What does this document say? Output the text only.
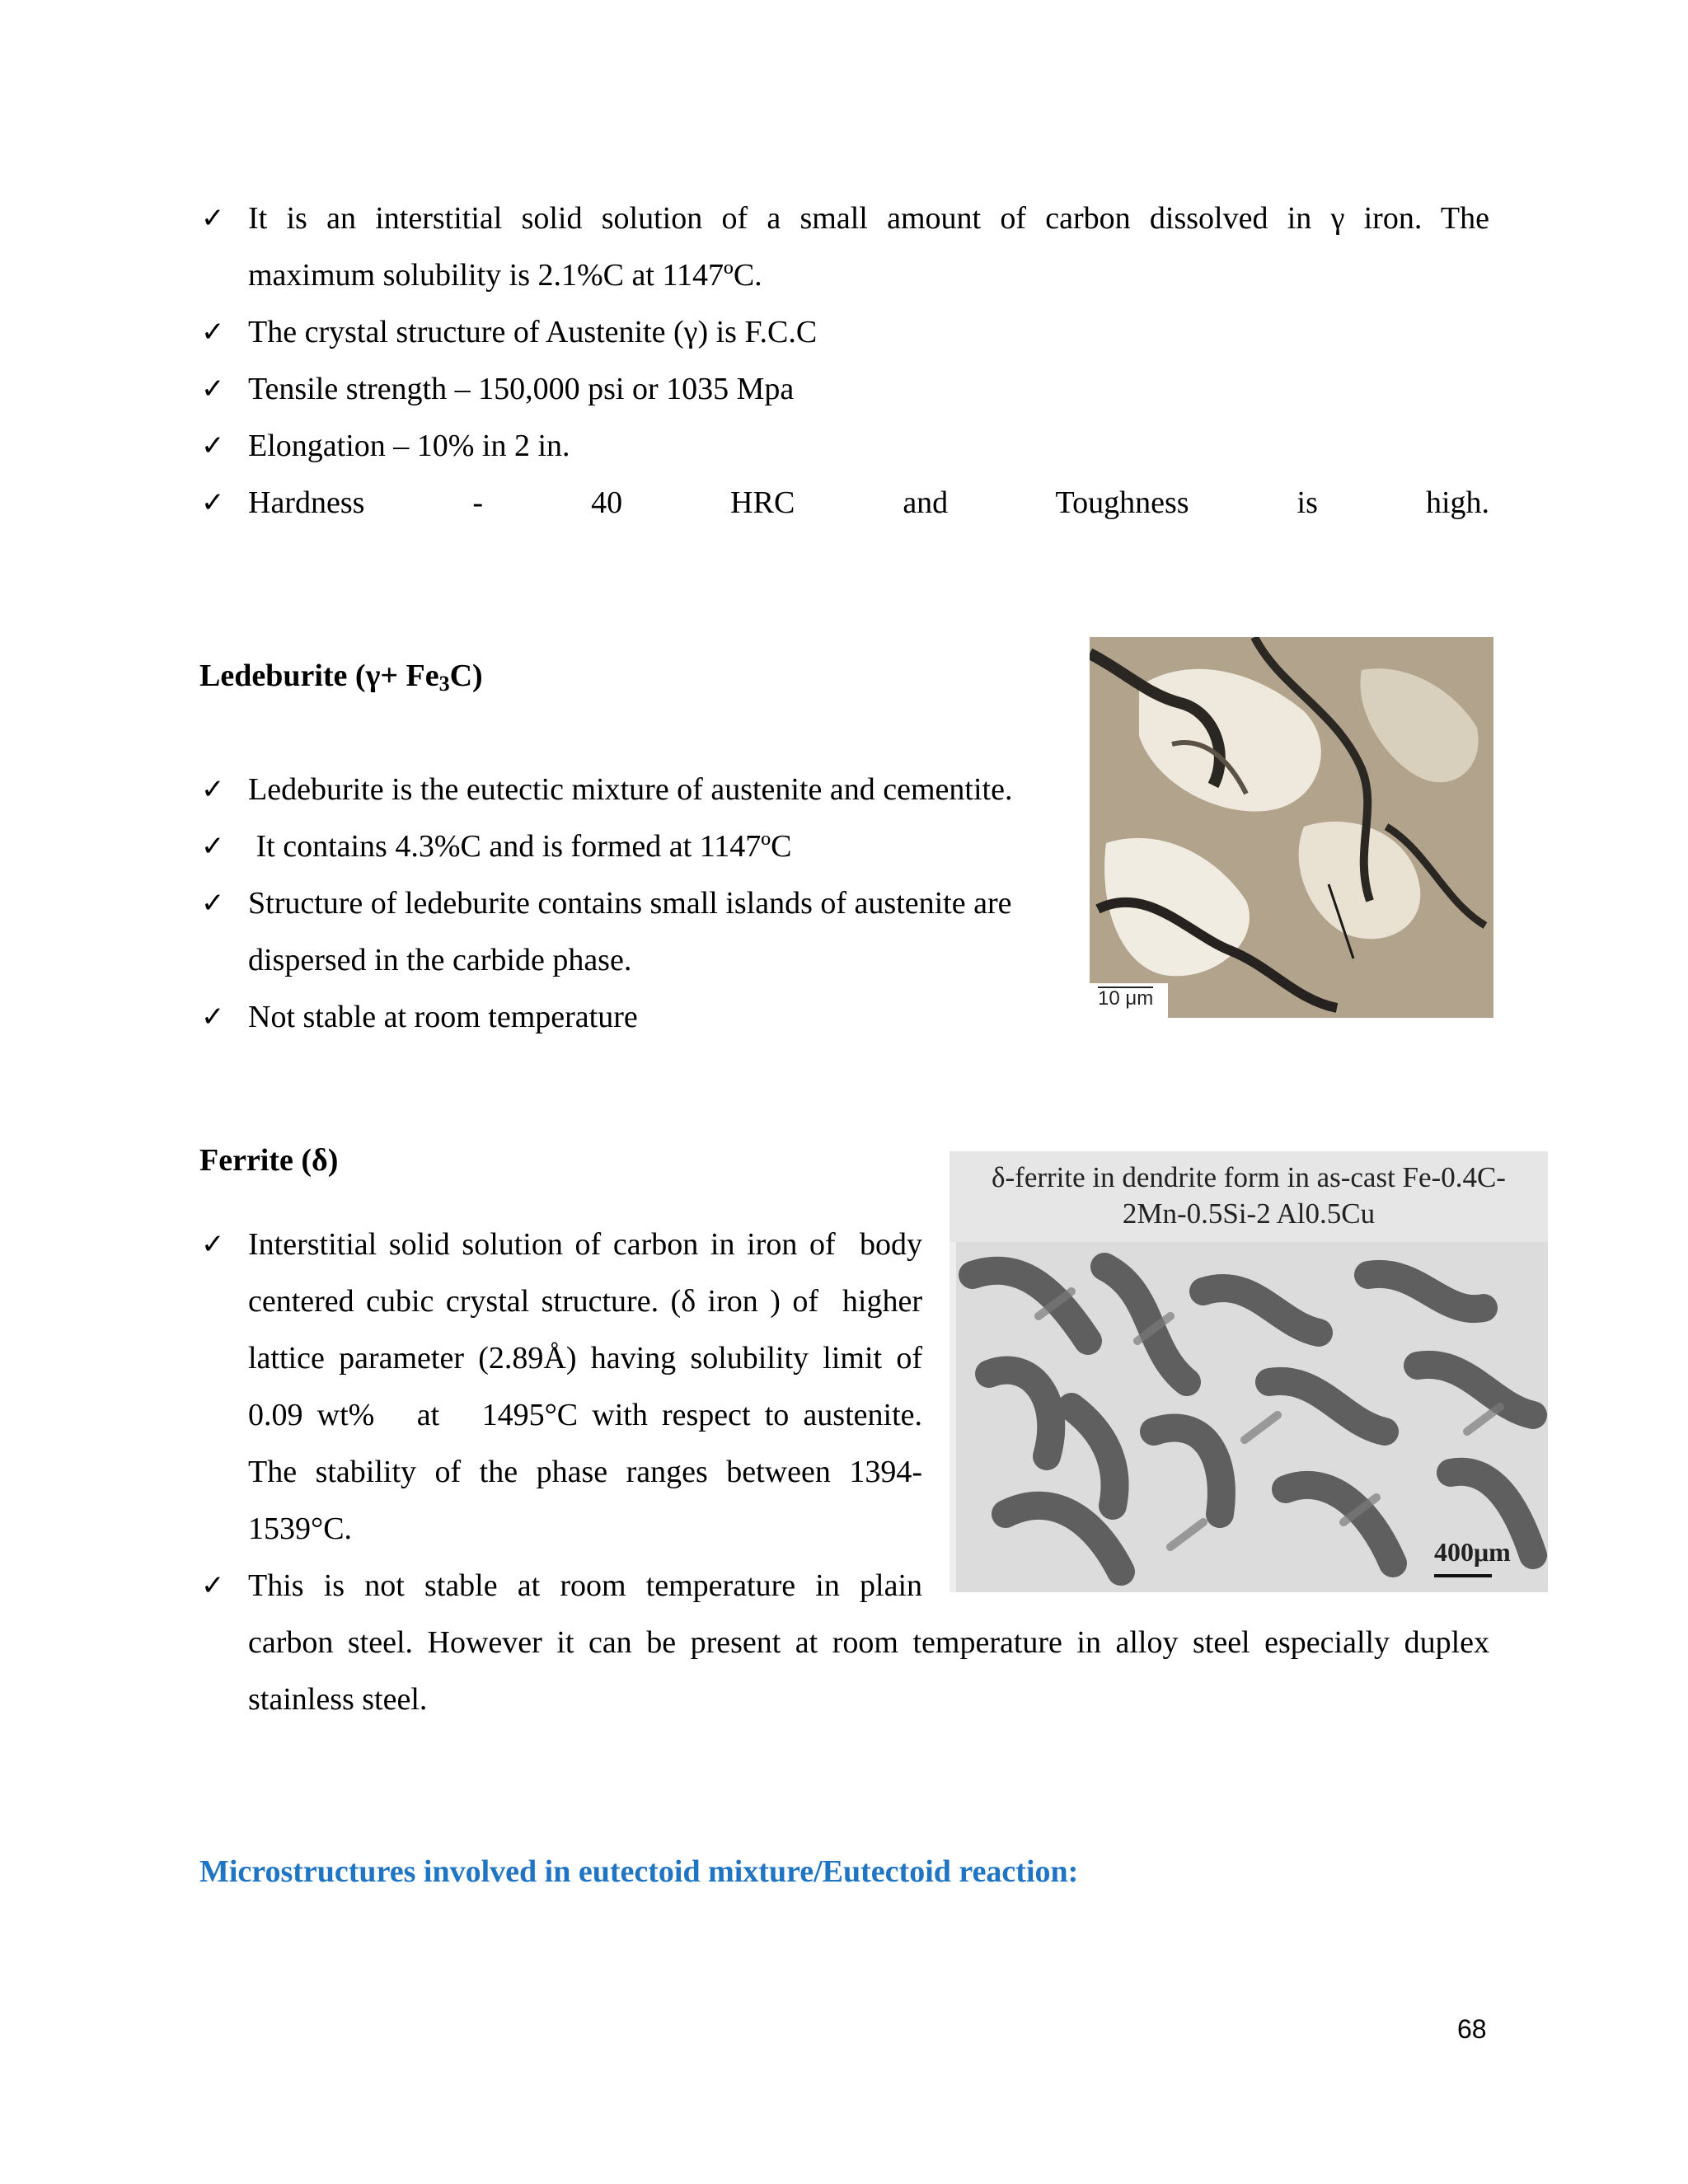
✓ It is an interstitial solid solution of a small amount of carbon dissolved in γ iron. The
maximum solubility is 2.1%C at 1147ºC.
✓ The crystal structure of Austenite (γ) is F.C.C
✓ Tensile strength – 150,000 psi or 1035 Mpa
✓ Elongation – 10% in 2 in.
✓ Hardness - 40 HRC and Toughness is high.
Ledeburite $(\gamma+ Fe_3C)$
✓ Ledeburite is the eutectic mixture of austenite and cementite.
✓ It contains 4.3%C and is formed at 1147ºC
✓ Structure of ledeburite contains small islands of austenite are
dispersed in the carbide phase.
✓ Not stable at room temperature
10 μm
Ferrite (δ)
✓ Interstitial solid solution of carbon in iron of  body
centered cubic crystal structure. (δ iron ) of  higher
lattice parameter (2.89Å) having solubility limit of
0.09 wt%   at   1495°C with respect to austenite.
The stability of the phase ranges between 1394-
1539°C.
✓ This is not stable at room temperature in plain
carbon steel. However it can be present at room temperature in alloy steel especially duplex
stainless steel.
δ-ferrite in dendrite form in as-cast Fe-0.4C-
2Mn-0.5Si-2 Al0.5Cu
400μm
Microstructures involved in eutectoid mixture/Eutectoid reaction:
68
